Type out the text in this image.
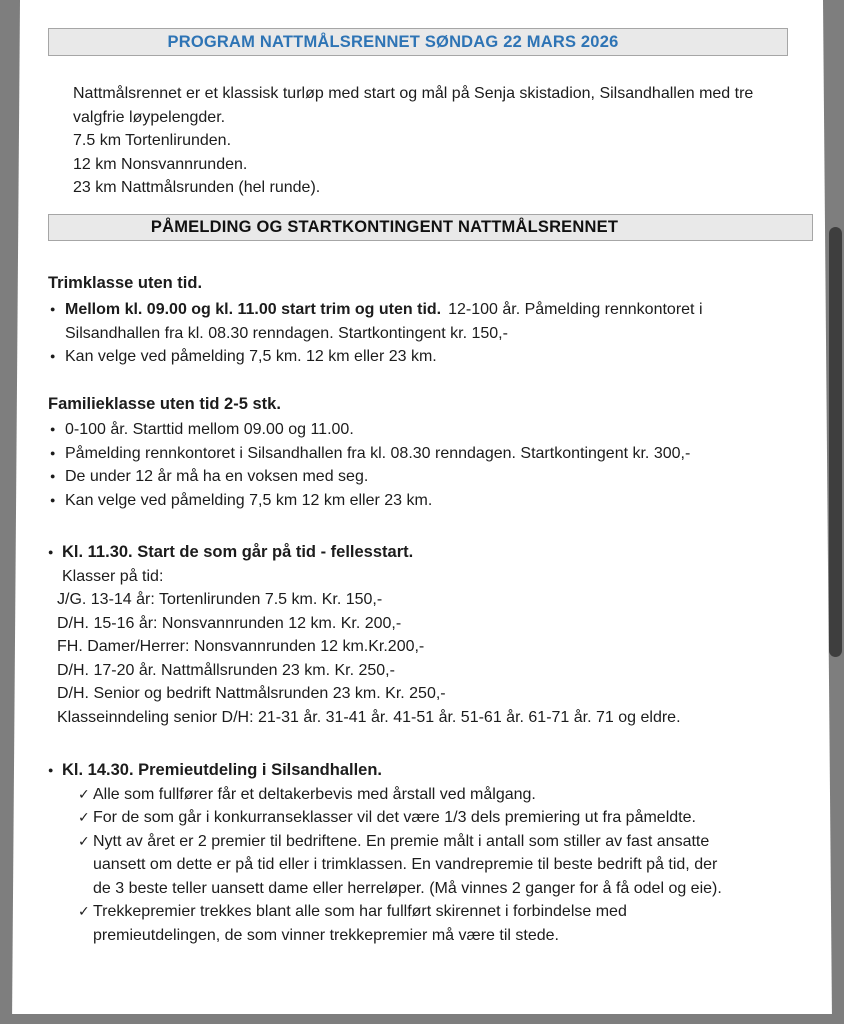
PROGRAM NATTMÅLSRENNET SØNDAG 22 MARS 2026
Nattmålsrennet er et klassisk turløp med start og mål på Senja skistadion, Silsandhallen med tre
valgfrie løypelengder.
7.5 km Tortenlirunden.
12 km Nonsvannrunden.
23 km Nattmålsrunden (hel runde).
PÅMELDING OG STARTKONTINGENT NATTMÅLSRENNET
Trimklasse uten tid.
● Mellom kl. 09.00 og kl. 11.00 start trim og uten tid. 12-100 år. Påmelding rennkontoret i
Silsandhallen fra kl. 08.30 renndagen. Startkontingent kr. 150,-
● Kan velge ved påmelding 7,5 km. 12 km eller 23 km.
Familieklasse uten tid 2-5 stk.
● 0-100 år. Starttid mellom 09.00 og 11.00.
● Påmelding rennkontoret i Silsandhallen fra kl. 08.30 renndagen. Startkontingent kr. 300,-
● De under 12 år må ha en voksen med seg.
● Kan velge ved påmelding 7,5 km 12 km eller 23 km.
● Kl. 11.30. Start de som går på tid - fellesstart.
Klasser på tid:
J/G. 13-14 år: Tortenlirunden 7.5 km. Kr. 150,-
D/H. 15-16 år: Nonsvannrunden 12 km. Kr. 200,-
FH. Damer/Herrer: Nonsvannrunden 12 km.Kr.200,-
D/H. 17-20 år. Nattmållsrunden 23 km. Kr. 250,-
D/H. Senior og bedrift Nattmålsrunden 23 km. Kr. 250,-
Klasseinndeling senior D/H: 21-31 år. 31-41 år. 41-51 år. 51-61 år. 61-71 år. 71 og eldre.
● Kl. 14.30. Premieutdeling i Silsandhallen.
✓ Alle som fullfører får et deltakerbevis med årstall ved målgang.
✓ For de som går i konkurranseklasser vil det være 1/3 dels premiering ut fra påmeldte.
✓ Nytt av året er 2 premier til bedriftene. En premie målt i antall som stiller av fast ansatte
uansett om dette er på tid eller i trimklassen. En vandrepremie til beste bedrift på tid, der
de 3 beste teller uansett dame eller herreløper. (Må vinnes 2 ganger for å få odel og eie).
✓ Trekkepremier trekkes blant alle som har fullført skirennet i forbindelse med
premieutdelingen, de som vinner trekkepremier må være til stede.
